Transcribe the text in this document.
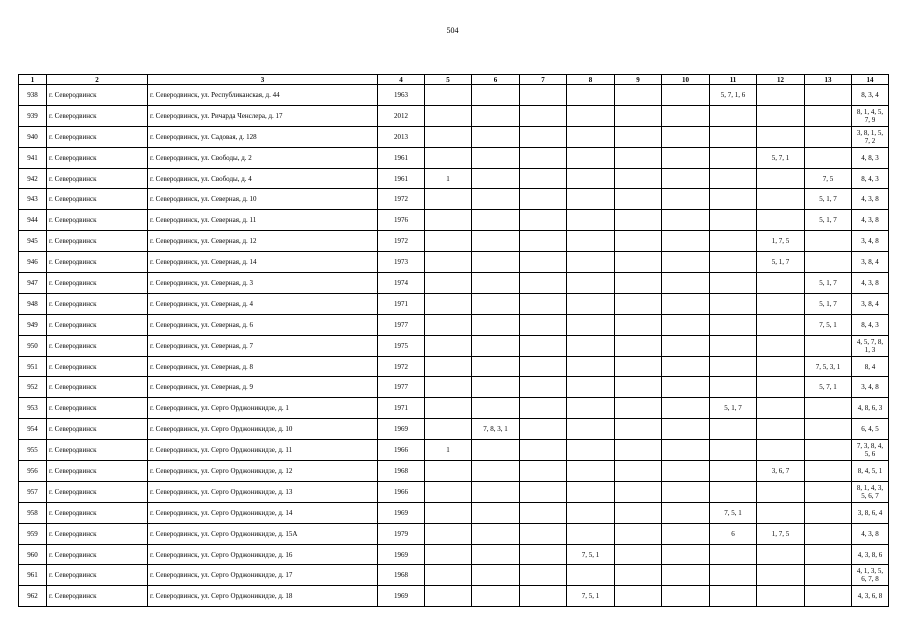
504
1	2	3	4	5	6	7	8	9	10	11	12	13	14
938	г. Северодвинск	г. Северодвинск, ул. Республиканская, д. 44	1963							5, 7, 1, 6			8, 3, 4
939	г. Северодвинск	г. Северодвинск, ул. Ричарда Ченслера, д. 17	2012										8, 1, 4, 5, 7, 9
940	г. Северодвинск	г. Северодвинск, ул. Садовая, д. 128	2013										3, 8, 1, 5, 7, 2
941	г. Северодвинск	г. Северодвинск, ул. Свободы, д. 2	1961								5, 7, 1		4, 8, 3
942	г. Северодвинск	г. Северодвинск, ул. Свободы, д. 4	1961	1								7, 5	8, 4, 3
943	г. Северодвинск	г. Северодвинск, ул. Северная, д. 10	1972									5, 1, 7	4, 3, 8
944	г. Северодвинск	г. Северодвинск, ул. Северная, д. 11	1976									5, 1, 7	4, 3, 8
945	г. Северодвинск	г. Северодвинск, ул. Северная, д. 12	1972								1, 7, 5		3, 4, 8
946	г. Северодвинск	г. Северодвинск, ул. Северная, д. 14	1973								5, 1, 7		3, 8, 4
947	г. Северодвинск	г. Северодвинск, ул. Северная, д. 3	1974									5, 1, 7	4, 3, 8
948	г. Северодвинск	г. Северодвинск, ул. Северная, д. 4	1971									5, 1, 7	3, 8, 4
949	г. Северодвинск	г. Северодвинск, ул. Северная, д. 6	1977									7, 5, 1	8, 4, 3
950	г. Северодвинск	г. Северодвинск, ул. Северная, д. 7	1975										4, 5, 7, 8, 1, 3
951	г. Северодвинск	г. Северодвинск, ул. Северная, д. 8	1972									7, 5, 3, 1	8, 4
952	г. Северодвинск	г. Северодвинск, ул. Северная, д. 9	1977									5, 7, 1	3, 4, 8
953	г. Северодвинск	г. Северодвинск, ул. Серго Орджоникидзе, д. 1	1971							5, 1, 7			4, 8, 6, 3
954	г. Северодвинск	г. Северодвинск, ул. Серго Орджоникидзе, д. 10	1969		7, 8, 3, 1								6, 4, 5
955	г. Северодвинск	г. Северодвинск, ул. Серго Орджоникидзе, д. 11	1966	1									7, 3, 8, 4, 5, 6
956	г. Северодвинск	г. Северодвинск, ул. Серго Орджоникидзе, д. 12	1968								3, 6, 7		8, 4, 5, 1
957	г. Северодвинск	г. Северодвинск, ул. Серго Орджоникидзе, д. 13	1966										8, 1, 4, 3, 5, 6, 7
958	г. Северодвинск	г. Северодвинск, ул. Серго Орджоникидзе, д. 14	1969							7, 5, 1			3, 8, 6, 4
959	г. Северодвинск	г. Северодвинск, ул. Серго Орджоникидзе, д. 15А	1979							6	1, 7, 5		4, 3, 8
960	г. Северодвинск	г. Северодвинск, ул. Серго Орджоникидзе, д. 16	1969				7, 5, 1						4, 3, 8, 6
961	г. Северодвинск	г. Северодвинск, ул. Серго Орджоникидзе, д. 17	1968										4, 1, 3, 5, 6, 7, 8
962	г. Северодвинск	г. Северодвинск, ул. Серго Орджоникидзе, д. 18	1969				7, 5, 1						4, 3, 6, 8
